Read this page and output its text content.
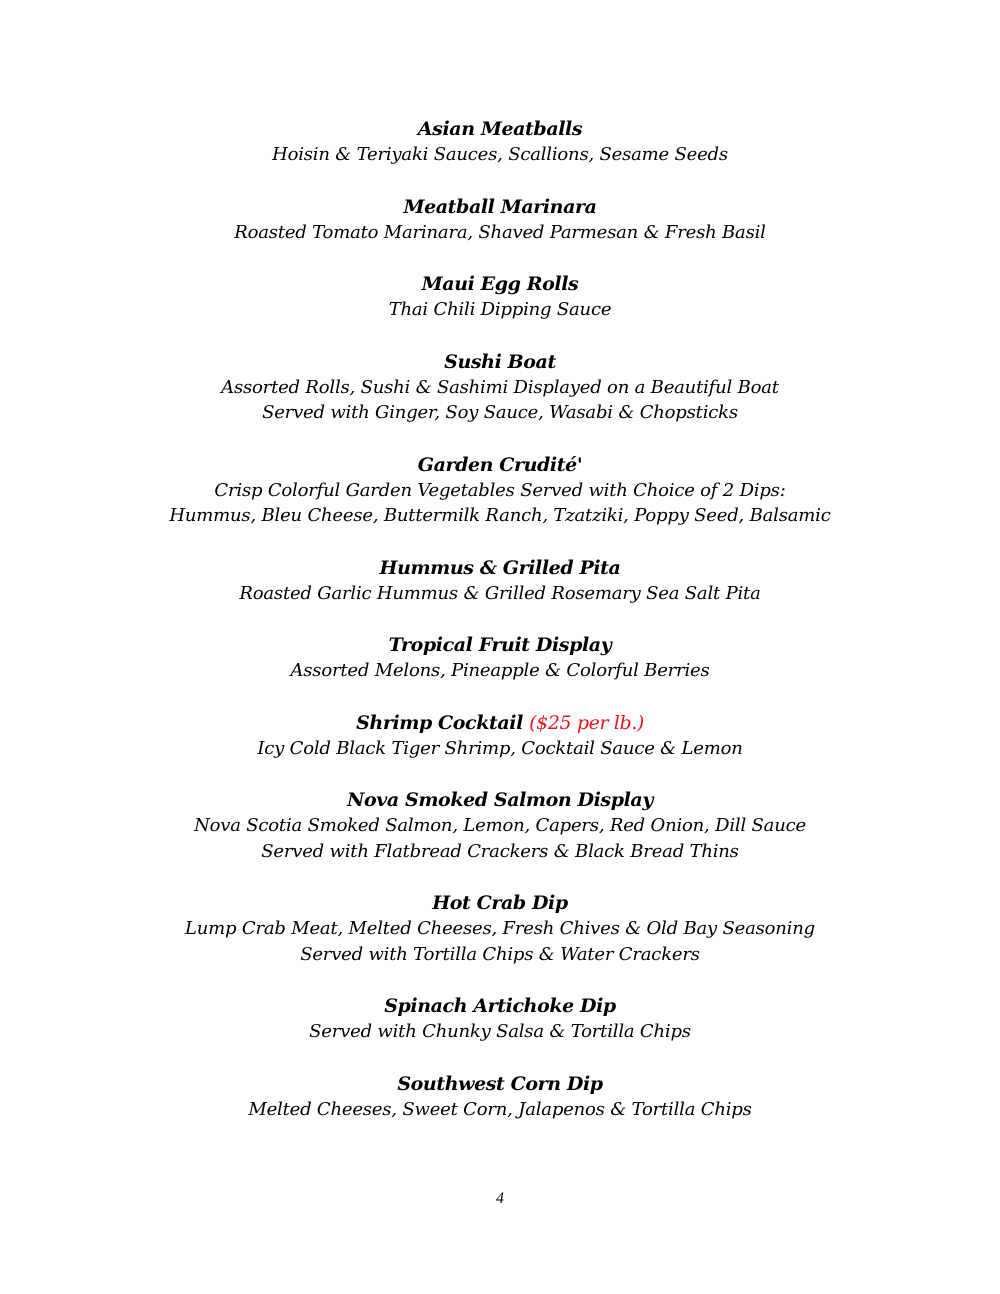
Asian Meatballs
Hoisin & Teriyaki Sauces, Scallions, Sesame Seeds
Meatball Marinara
Roasted Tomato Marinara, Shaved Parmesan & Fresh Basil
Maui Egg Rolls
Thai Chili Dipping Sauce
Sushi Boat
Assorted Rolls, Sushi & Sashimi Displayed on a Beautiful Boat
Served with Ginger, Soy Sauce, Wasabi & Chopsticks
Garden Crudité'
Crisp Colorful Garden Vegetables Served with Choice of 2 Dips:
Hummus, Bleu Cheese, Buttermilk Ranch, Tzatziki, Poppy Seed, Balsamic
Hummus & Grilled Pita
Roasted Garlic Hummus & Grilled Rosemary Sea Salt Pita
Tropical Fruit Display
Assorted Melons, Pineapple & Colorful Berries
Shrimp Cocktail ($25 per lb.)
Icy Cold Black Tiger Shrimp, Cocktail Sauce & Lemon
Nova Smoked Salmon Display
Nova Scotia Smoked Salmon, Lemon, Capers, Red Onion, Dill Sauce
Served with Flatbread Crackers & Black Bread Thins
Hot Crab Dip
Lump Crab Meat, Melted Cheeses, Fresh Chives & Old Bay Seasoning
Served with Tortilla Chips & Water Crackers
Spinach Artichoke Dip
Served with Chunky Salsa & Tortilla Chips
Southwest Corn Dip
Melted Cheeses, Sweet Corn, Jalapenos & Tortilla Chips
4
